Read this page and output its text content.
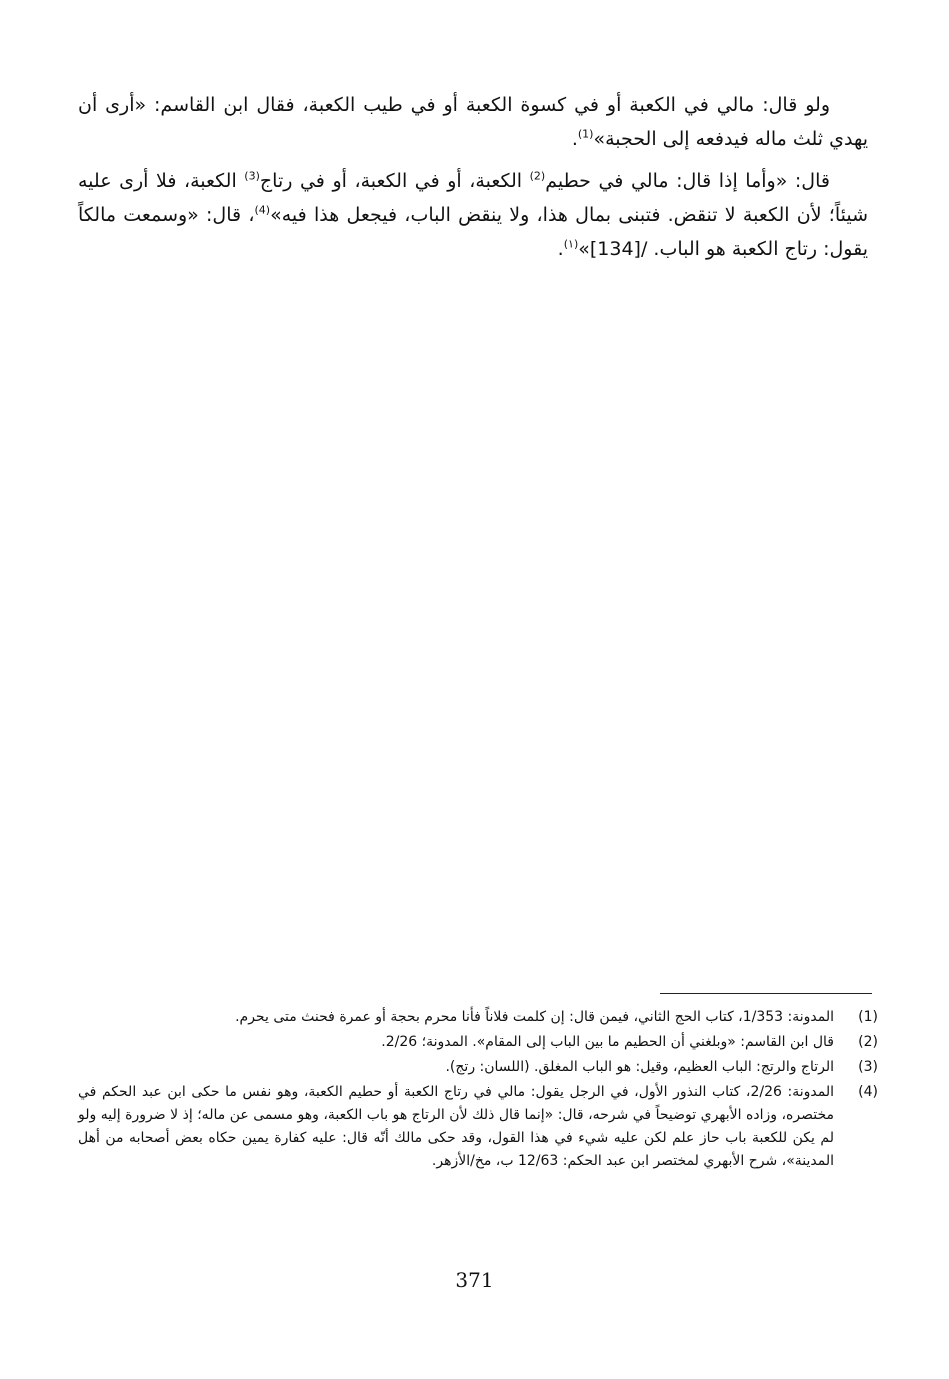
ولو قال: مالي في الكعبة أو في كسوة الكعبة أو في طيب الكعبة، فقال ابن القاسم: «أرى أن يهدي ثلث ماله فيدفعه إلى الحجبة»$^{(1)}$.

قال: «وأما إذا قال: مالي في حطيم$^{(2)}$ الكعبة، أو في الكعبة، أو في رتاج$^{(3)}$ الكعبة، فلا أرى عليه شيئاً؛ لأن الكعبة لا تنقض. فتبنى بمال هذا، ولا ينقض الباب، فيجعل هذا فيه»$^{(4)}$، قال: «وسمعت مالكاً يقول: رتاج الكعبة هو الباب. /[134]»$^{(١)}$.

(1)
المدونة: 1/353، كتاب الحج الثاني، فيمن قال: إن كلمت فلاناً فأنا محرم بحجة أو عمرة فحنث متى يحرم.
(2)
قال ابن القاسم: «وبلغني أن الحطيم ما بين الباب إلى المقام». المدونة؛ 2/26.
(3)
الرتاج والرتج: الباب العظيم، وقيل: هو الباب المغلق. (اللسان: رتج).
(4)
المدونة: 2/26، كتاب النذور الأول، في الرجل يقول: مالي في رتاج الكعبة أو حطيم الكعبة، وهو نفس ما حكى ابن عبد الحكم في مختصره، وزاده الأبهري توضيحاً في شرحه، قال: «إنما قال ذلك لأن الرتاج هو باب الكعبة، وهو مسمى عن ماله؛ إذ لا ضرورة إليه ولو لم يكن للكعبة باب حاز علم لكن عليه شيء في هذا القول، وقد حكى مالك أنّه قال: عليه كفارة يمين حكاه بعض أصحابه من أهل المدينة»، شرح الأبهري لمختصر ابن عبد الحكم: 12/63 ب، مخ/الأزهر.
371
